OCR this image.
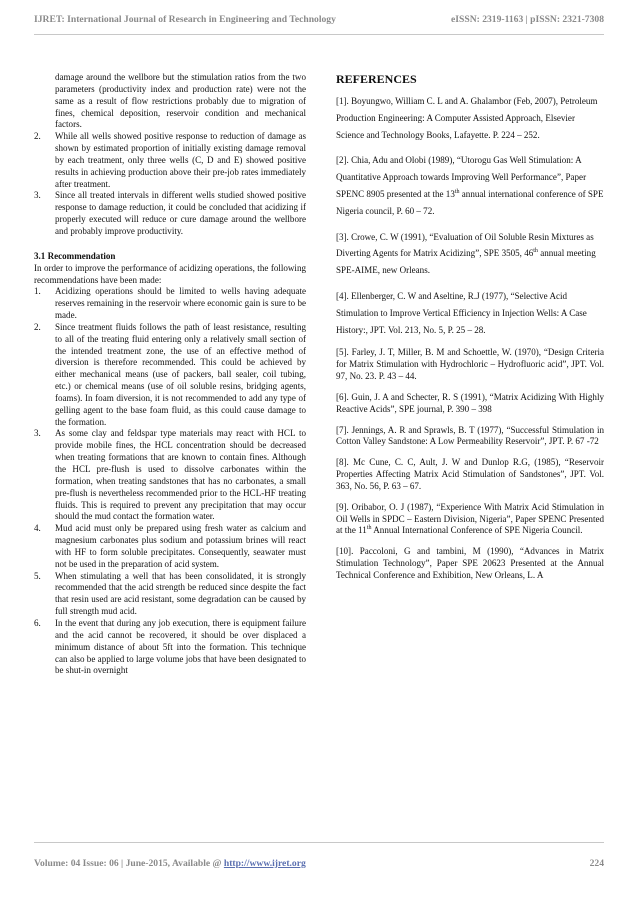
IJRET: International Journal of Research in Engineering and Technology	eISSN: 2319-1163 | pISSN: 2321-7308
damage around the wellbore but the stimulation ratios from the two parameters (productivity index and production rate) were not the same as a result of flow restrictions probably due to migration of fines, chemical deposition, reservoir condition and mechanical factors.
2. While all wells showed positive response to reduction of damage as shown by estimated proportion of initially existing damage removal by each treatment, only three wells (C, D and E) showed positive results in achieving production above their pre-job rates immediately after treatment.
3. Since all treated intervals in different wells studied showed positive response to damage reduction, it could be concluded that acidizing if properly executed will reduce or cure damage around the wellbore and probably improve productivity.
3.1 Recommendation

In order to improve the performance of acidizing operations, the following recommendations have been made:

1. Acidizing operations should be limited to wells having adequate reserves remaining in the reservoir where economic gain is sure to be made.
2. Since treatment fluids follows the path of least resistance, resulting to all of the treating fluid entering only a relatively small section of the intended treatment zone, the use of an effective method of diversion is therefore recommended. This could be achieved by either mechanical means (use of packers, ball sealer, coil tubing, etc.) or chemical means (use of oil soluble resins, bridging agents, foams). In foam diversion, it is not recommended to add any type of gelling agent to the base foam fluid, as this could cause damage to the formation.
3. As some clay and feldspar type materials may react with HCL to provide mobile fines, the HCL concentration should be decreased when treating formations that are known to contain fines. Although the HCL pre-flush is used to dissolve carbonates within the formation, when treating sandstones that has no carbonates, a small pre-flush is nevertheless recommended prior to the HCL-HF treating fluids. This is required to prevent any precipitation that may occur should the mud contact the formation water.
4. Mud acid must only be prepared using fresh water as calcium and magnesium carbonates plus sodium and potassium brines will react with HF to form soluble precipitates. Consequently, seawater must not be used in the preparation of acid system.
5. When stimulating a well that has been consolidated, it is strongly recommended that the acid strength be reduced since despite the fact that resin used are acid resistant, some degradation can be caused by full strength mud acid.
6. In the event that during any job execution, there is equipment failure and the acid cannot be recovered, it should be over displaced a minimum distance of about 5ft into the formation. This technique can also be applied to large volume jobs that have been designated to be shut-in overnight
REFERENCES

[1]. Boyungwo, William C. L and A. Ghalambor (Feb, 2007), Petroleum Production Engineering: A Computer Assisted Approach, Elsevier Science and Technology Books, Lafayette. P. 224 – 252.

[2]. Chia, Adu and Olobi (1989), “Utorogu Gas Well Stimulation: A Quantitative Approach towards Improving Well Performance”, Paper SPENC 8905 presented at the 13th annual international conference of SPE Nigeria council, P. 60 – 72.

[3]. Crowe, C. W (1991), “Evaluation of Oil Soluble Resin Mixtures as Diverting Agents for Matrix Acidizing”, SPE 3505, 46th annual meeting SPE-AIME, new Orleans.

[4]. Ellenberger, C. W and Aseltine, R.J (1977), “Selective Acid Stimulation to Improve Vertical Efficiency in Injection Wells: A Case History:, JPT. Vol. 213, No. 5, P. 25 – 28.

[5]. Farley, J. T, Miller, B. M and Schoettle, W. (1970), “Design Criteria for Matrix Stimulation with Hydrochloric – Hydrofluoric acid”, JPT. Vol. 97, No. 23. P. 43 – 44.

[6]. Guin, J. A and Schecter, R. S (1991), “Matrix Acidizing With Highly Reactive Acids”, SPE journal, P. 390 – 398

[7]. Jennings, A. R and Sprawls, B. T (1977), “Successful Stimulation in Cotton Valley Sandstone: A Low Permeability Reservoir”, JPT. P. 67 -72

[8]. Mc Cune, C. C, Ault, J. W and Dunlop R.G, (1985), “Reservoir Properties Affecting Matrix Acid Stimulation of Sandstones”, JPT. Vol. 363, No. 56, P. 63 – 67.

[9]. Oribabor, O. J (1987), “Experience With Matrix Acid Stimulation in Oil Wells in SPDC – Eastern Division, Nigeria”, Paper SPENC Presented at the 11th Annual International Conference of SPE Nigeria Council.

[10]. Paccoloni, G and tambini, M (1990), “Advances in Matrix Stimulation Technology”, Paper SPE 20623 Presented at the Annual Technical Conference and Exhibition, New Orleans, L. A

Volume: 04 Issue: 06 | June-2015, Available @ http://www.ijret.org	224
